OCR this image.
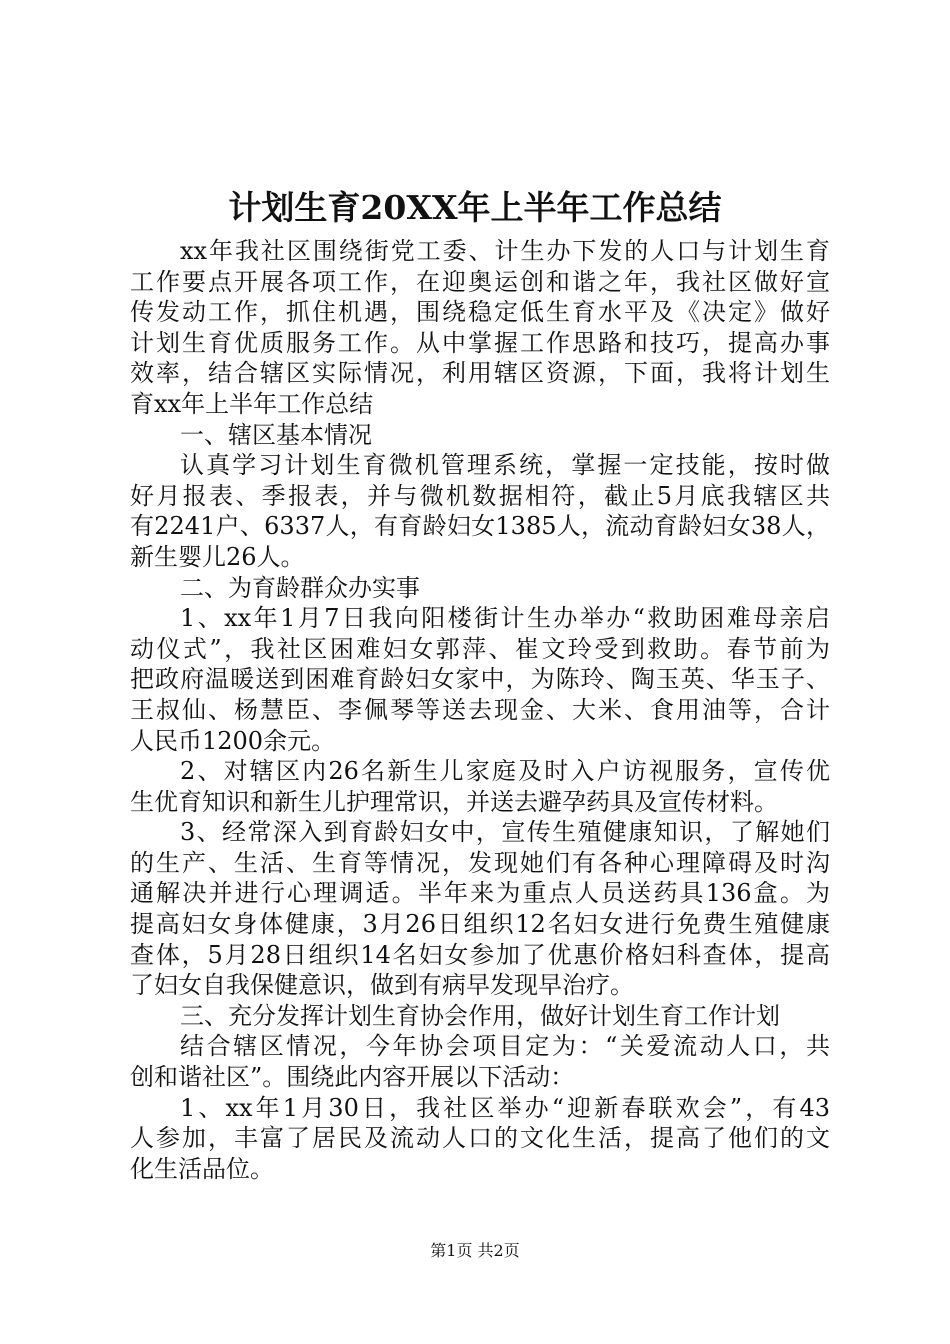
计划生育20XX年上半年工作总结
xx年我社区围绕街党工委、计生办下发的人口与计划生育
工作要点开展各项工作，在迎奥运创和谐之年，我社区做好宣
传发动工作，抓住机遇，围绕稳定低生育水平及《决定》做好
计划生育优质服务工作。从中掌握工作思路和技巧，提高办事
效率，结合辖区实际情况，利用辖区资源，下面，我将计划生
育xx年上半年工作总结
一、辖区基本情况
认真学习计划生育微机管理系统，掌握一定技能，按时做
好月报表、季报表，并与微机数据相符，截止5月底我辖区共
有2241户、6337人，有育龄妇女1385人，流动育龄妇女38人，
新生婴儿26人。
二、为育龄群众办实事
1、xx年1月7日我向阳楼街计生办举办“救助困难母亲启
动仪式”，我社区困难妇女郭萍、崔文玲受到救助。春节前为
把政府温暖送到困难育龄妇女家中，为陈玲、陶玉英、华玉子、
王叔仙、杨慧臣、李佩琴等送去现金、大米、食用油等，合计
人民币1200余元。
2、对辖区内26名新生儿家庭及时入户访视服务，宣传优
生优育知识和新生儿护理常识，并送去避孕药具及宣传材料。
3、经常深入到育龄妇女中，宣传生殖健康知识，了解她们
的生产、生活、生育等情况，发现她们有各种心理障碍及时沟
通解决并进行心理调适。半年来为重点人员送药具136盒。为
提高妇女身体健康，3月26日组织12名妇女进行免费生殖健康
查体，5月28日组织14名妇女参加了优惠价格妇科查体，提高
了妇女自我保健意识，做到有病早发现早治疗。
三、充分发挥计划生育协会作用，做好计划生育工作计划
结合辖区情况，今年协会项目定为：“关爱流动人口，共
创和谐社区”。围绕此内容开展以下活动：
1、xx年1月30日，我社区举办“迎新春联欢会”，有43
人参加，丰富了居民及流动人口的文化生活，提高了他们的文
化生活品位。
第1页 共2页
